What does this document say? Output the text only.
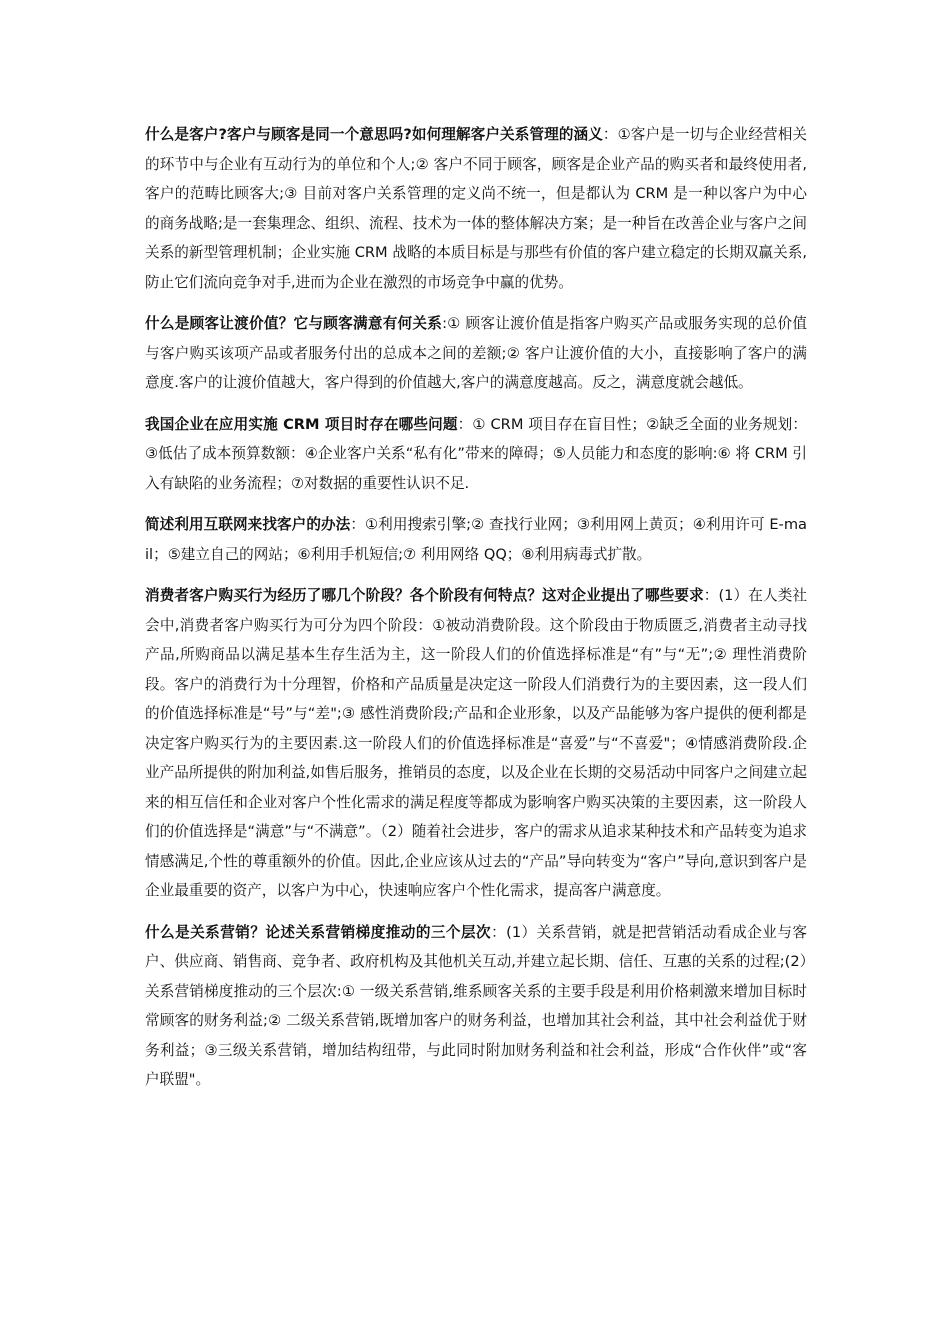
什么是客户?客户与顾客是同一个意思吗?如何理解客户关系管理的涵义：①客户是一切与企业经营相关的环节中与企业有互动行为的单位和个人;② 客户不同于顾客，顾客是企业产品的购买者和最终使用者,客户的范畴比顾客大;③ 目前对客户关系管理的定义尚不统一，但是都认为 CRM 是一种以客户为中心的商务战略;是一套集理念、组织、流程、技术为一体的整体解决方案；是一种旨在改善企业与客户之间关系的新型管理机制；企业实施 CRM 战略的本质目标是与那些有价值的客户建立稳定的长期双赢关系,防止它们流向竞争对手,进而为企业在激烈的市场竞争中赢的优势。

什么是顾客让渡价值？它与顾客满意有何关系:① 顾客让渡价值是指客户购买产品或服务实现的总价值与客户购买该项产品或者服务付出的总成本之间的差额;② 客户让渡价值的大小，直接影响了客户的满意度.客户的让渡价值越大，客户得到的价值越大,客户的满意度越高。反之，满意度就会越低。

我国企业在应用实施 CRM 项目时存在哪些问题：① CRM 项目存在盲目性；②缺乏全面的业务规划：③低估了成本预算数额：④企业客户关系“私有化”带来的障碍；⑤人员能力和态度的影响:⑥ 将 CRM 引入有缺陷的业务流程；⑦对数据的重要性认识不足.

简述利用互联网来找客户的办法：①利用搜索引擎;② 查找行业网；③利用网上黄页；④利用许可 E-mail；⑤建立自己的网站；⑥利用手机短信;⑦ 利用网络 QQ；⑧利用病毒式扩散。

消费者客户购买行为经历了哪几个阶段？各个阶段有何特点？这对企业提出了哪些要求：(1）在人类社会中,消费者客户购买行为可分为四个阶段：①被动消费阶段。这个阶段由于物质匮乏,消费者主动寻找产品,所购商品以满足基本生存生活为主，这一阶段人们的价值选择标准是“有”与“无”;② 理性消费阶段。客户的消费行为十分理智，价格和产品质量是决定这一阶段人们消费行为的主要因素，这一段人们的价值选择标准是“号”与“差";③ 感性消费阶段;产品和企业形象，以及产品能够为客户提供的便利都是决定客户购买行为的主要因素.这一阶段人们的价值选择标准是“喜爱”与“不喜爱"；④情感消费阶段.企业产品所提供的附加利益,如售后服务，推销员的态度，以及企业在长期的交易活动中同客户之间建立起来的相互信任和企业对客户个性化需求的满足程度等都成为影响客户购买决策的主要因素，这一阶段人们的价值选择是“满意”与“不满意”。（2）随着社会进步，客户的需求从追求某种技术和产品转变为追求情感满足,个性的尊重额外的价值。因此,企业应该从过去的“产品”导向转变为“客户”导向,意识到客户是企业最重要的资产，以客户为中心，快速响应客户个性化需求，提高客户满意度。

什么是关系营销？论述关系营销梯度推动的三个层次：(1）关系营销，就是把营销活动看成企业与客户、供应商、销售商、竞争者、政府机构及其他机关互动,并建立起长期、信任、互惠的关系的过程;(2）关系营销梯度推动的三个层次:① 一级关系营销,维系顾客关系的主要手段是利用价格刺激来增加目标时常顾客的财务利益;② 二级关系营销,既增加客户的财务利益，也增加其社会利益，其中社会利益优于财务利益；③三级关系营销，增加结构纽带，与此同时附加财务利益和社会利益，形成“合作伙伴”或“客户联盟"。
